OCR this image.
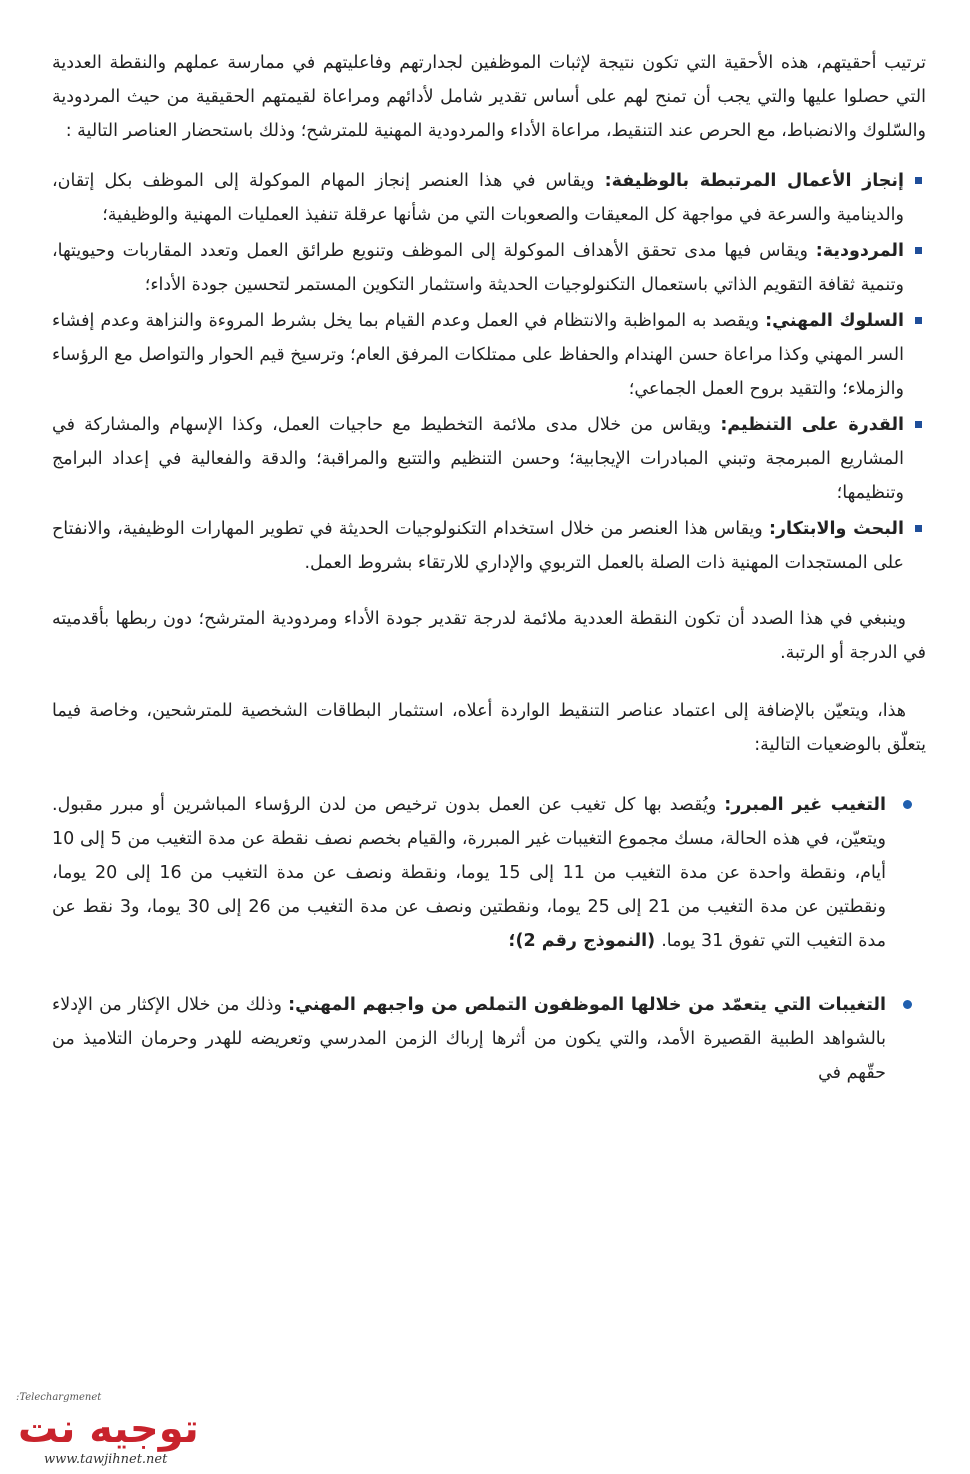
ترتيب أحقيتهم، هذه الأحقية التي تكون نتيجة لإثبات الموظفين لجدارتهم وفاعليتهم في ممارسة عملهم والنقطة العددية التي حصلوا عليها والتي يجب أن تمنح لهم على أساس تقدير شامل لأدائهم ومراعاة لقيمتهم الحقيقية من حيث المردودية والسّلوك والانضباط، مع الحرص عند التنقيط، مراعاة الأداء والمردودية المهنية للمترشح؛ وذلك باستحضار العناصر التالية :

إنجاز الأعمال المرتبطة بالوظيفة: ويقاس في هذا العنصر إنجاز المهام الموكولة إلى الموظف بكل إتقان، والدينامية والسرعة في مواجهة كل المعيقات والصعوبات التي من شأنها عرقلة تنفيذ العمليات المهنية والوظيفية؛

المردودية: ويقاس فيها مدى تحقق الأهداف الموكولة إلى الموظف وتنويع طرائق العمل وتعدد المقاربات وحيويتها، وتنمية ثقافة التقويم الذاتي باستعمال التكنولوجيات الحديثة واستثمار التكوين المستمر لتحسين جودة الأداء؛

السلوك المهني: ويقصد به المواظبة والانتظام في العمل وعدم القيام بما يخل بشرط المروءة والنزاهة وعدم إفشاء السر المهني وكذا مراعاة حسن الهندام والحفاظ على ممتلكات المرفق العام؛ وترسيخ قيم الحوار والتواصل مع الرؤساء والزملاء؛ والتقيد بروح العمل الجماعي؛

القدرة على التنظيم: ويقاس من خلال مدى ملائمة التخطيط مع حاجيات العمل، وكذا الإسهام والمشاركة في المشاريع المبرمجة وتبني المبادرات الإيجابية؛ وحسن التنظيم والتتبع والمراقبة؛ والدقة والفعالية في إعداد البرامج وتنظيمها؛

البحث والابتكار: ويقاس هذا العنصر من خلال استخدام التكنولوجيات الحديثة في تطوير المهارات الوظيفية، والانفتاح على المستجدات المهنية ذات الصلة بالعمل التربوي والإداري للارتقاء بشروط العمل.

وينبغي في هذا الصدد أن تكون النقطة العددية ملائمة لدرجة تقدير جودة الأداء ومردودية المترشح؛ دون ربطها بأقدميته في الدرجة أو الرتبة.

هذا، ويتعيّن بالإضافة إلى اعتماد عناصر التنقيط الواردة أعلاه، استثمار البطاقات الشخصية للمترشحين، وخاصة فيما يتعلّق بالوضعيات التالية:

التغيب غير المبرر: ويُقصد بها كل تغيب عن العمل بدون ترخيص من لدن الرؤساء المباشرين أو مبرر مقبول. ويتعيّن، في هذه الحالة، مسك مجموع التغيبات غير المبررة، والقيام بخصم نصف نقطة عن مدة التغيب من 5 إلى 10 أيام، ونقطة واحدة عن مدة التغيب من 11 إلى 15 يوما، ونقطة ونصف عن مدة التغيب من 16 إلى 20 يوما، ونقطتين عن مدة التغيب من 21 إلى 25 يوما، ونقطتين ونصف عن مدة التغيب من 26 إلى 30 يوما، و3 نقط عن مدة التغيب التي تفوق 31 يوما. (النموذج رقم 2)؛

التغيبات التي يتعمّد من خلالها الموظفون التملص من واجبهم المهني: وذلك من خلال الإكثار من الإدلاء بالشواهد الطبية القصيرة الأمد، والتي يكون من أثرها إرباك الزمن المدرسي وتعريضه للهدر وحرمان التلاميذ من حقّهم في

Telechargmenet:
توجيه نت
www.tawjihnet.net
